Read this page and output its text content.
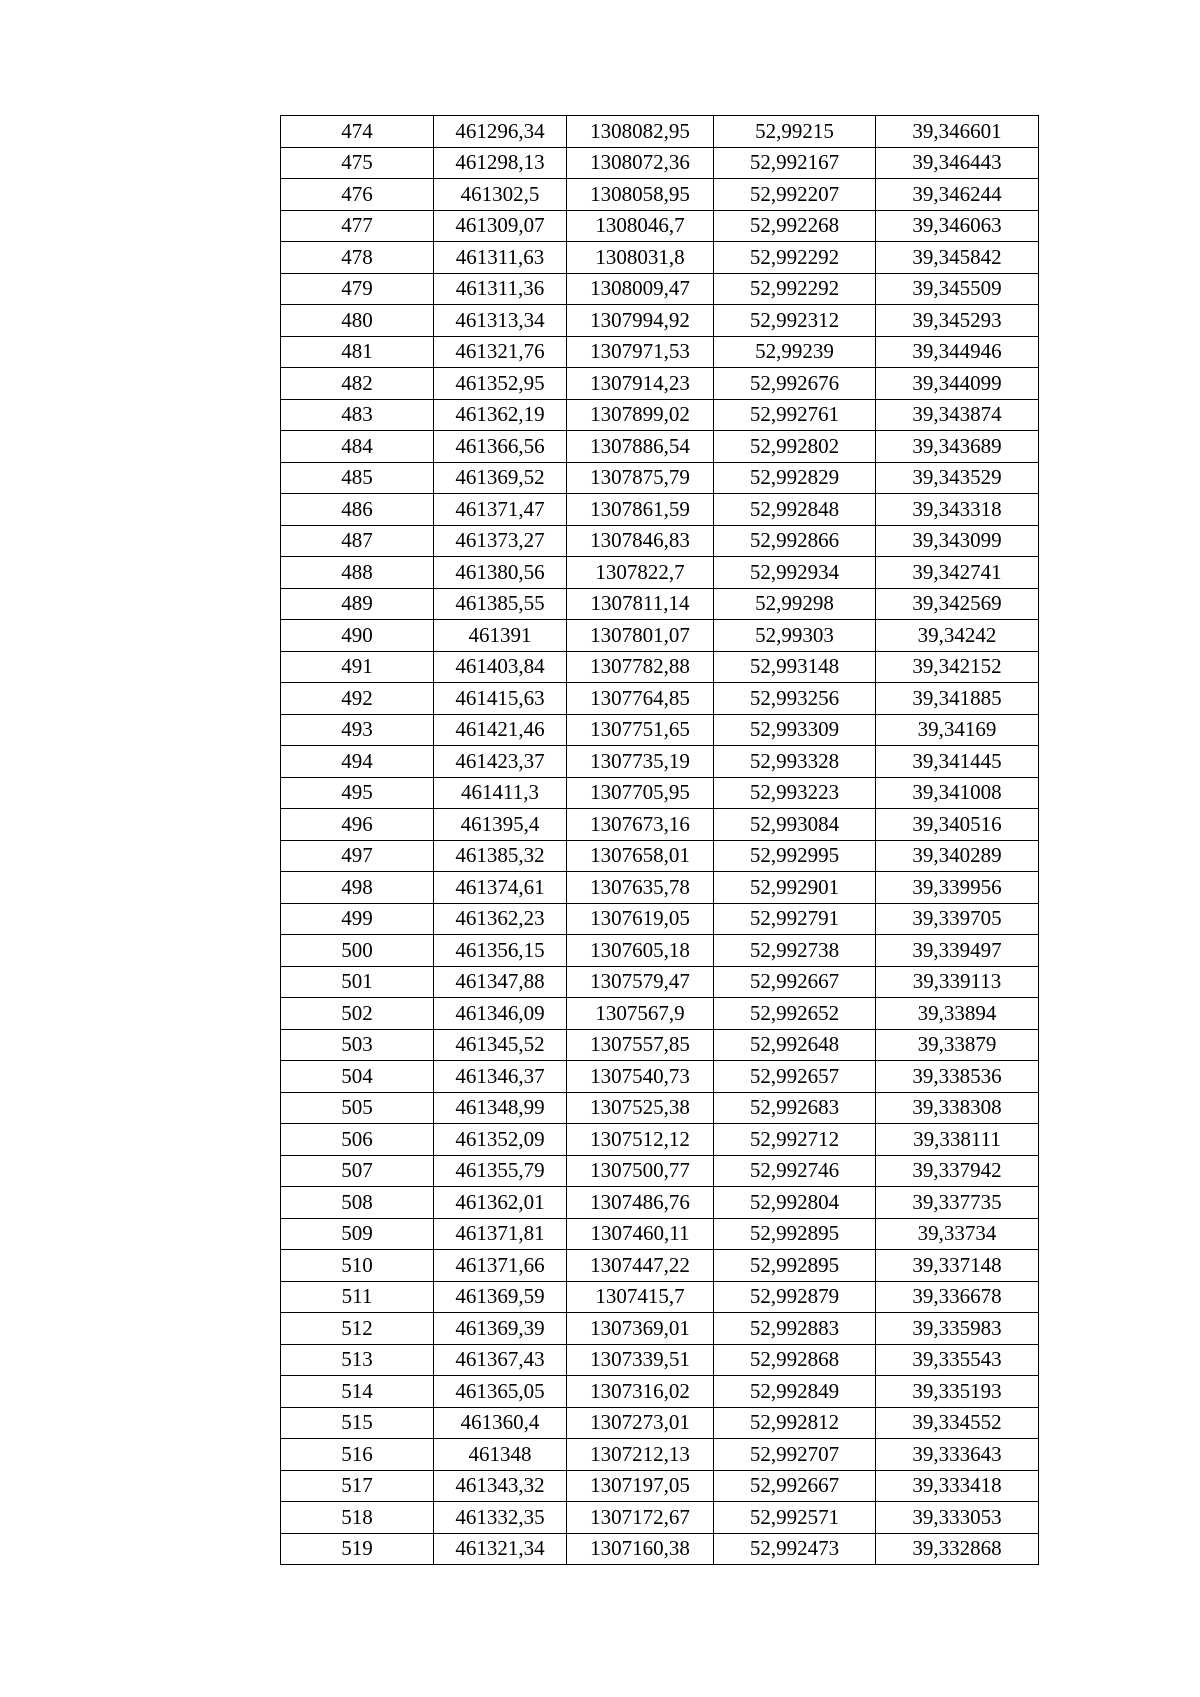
474	461296,34	1308082,95	52,99215	39,346601
475	461298,13	1308072,36	52,992167	39,346443
476	461302,5	1308058,95	52,992207	39,346244
477	461309,07	1308046,7	52,992268	39,346063
478	461311,63	1308031,8	52,992292	39,345842
479	461311,36	1308009,47	52,992292	39,345509
480	461313,34	1307994,92	52,992312	39,345293
481	461321,76	1307971,53	52,99239	39,344946
482	461352,95	1307914,23	52,992676	39,344099
483	461362,19	1307899,02	52,992761	39,343874
484	461366,56	1307886,54	52,992802	39,343689
485	461369,52	1307875,79	52,992829	39,343529
486	461371,47	1307861,59	52,992848	39,343318
487	461373,27	1307846,83	52,992866	39,343099
488	461380,56	1307822,7	52,992934	39,342741
489	461385,55	1307811,14	52,99298	39,342569
490	461391	1307801,07	52,99303	39,34242
491	461403,84	1307782,88	52,993148	39,342152
492	461415,63	1307764,85	52,993256	39,341885
493	461421,46	1307751,65	52,993309	39,34169
494	461423,37	1307735,19	52,993328	39,341445
495	461411,3	1307705,95	52,993223	39,341008
496	461395,4	1307673,16	52,993084	39,340516
497	461385,32	1307658,01	52,992995	39,340289
498	461374,61	1307635,78	52,992901	39,339956
499	461362,23	1307619,05	52,992791	39,339705
500	461356,15	1307605,18	52,992738	39,339497
501	461347,88	1307579,47	52,992667	39,339113
502	461346,09	1307567,9	52,992652	39,33894
503	461345,52	1307557,85	52,992648	39,33879
504	461346,37	1307540,73	52,992657	39,338536
505	461348,99	1307525,38	52,992683	39,338308
506	461352,09	1307512,12	52,992712	39,338111
507	461355,79	1307500,77	52,992746	39,337942
508	461362,01	1307486,76	52,992804	39,337735
509	461371,81	1307460,11	52,992895	39,33734
510	461371,66	1307447,22	52,992895	39,337148
511	461369,59	1307415,7	52,992879	39,336678
512	461369,39	1307369,01	52,992883	39,335983
513	461367,43	1307339,51	52,992868	39,335543
514	461365,05	1307316,02	52,992849	39,335193
515	461360,4	1307273,01	52,992812	39,334552
516	461348	1307212,13	52,992707	39,333643
517	461343,32	1307197,05	52,992667	39,333418
518	461332,35	1307172,67	52,992571	39,333053
519	461321,34	1307160,38	52,992473	39,332868
